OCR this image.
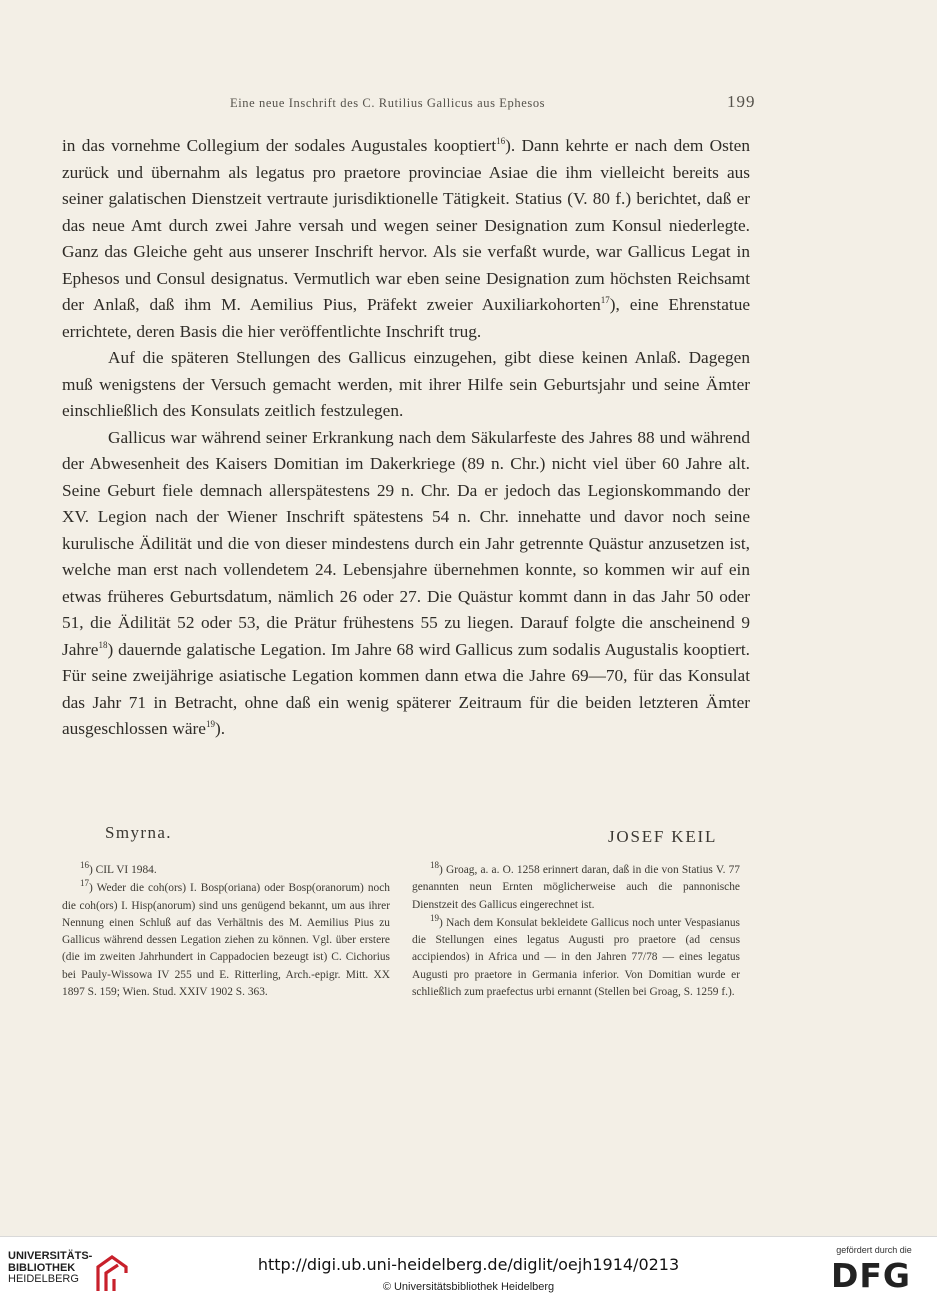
Eine neue Inschrift des C. Rutilius Gallicus aus Ephesos	199

in das vornehme Collegium der sodales Augustales kooptiert$^{16}$). Dann kehrte er nach dem Osten zurück und übernahm als legatus pro praetore provinciae Asiae die ihm vielleicht bereits aus seiner galatischen Dienstzeit vertraute jurisdiktionelle Tätigkeit. Statius (V. 80 f.) berichtet, daß er das neue Amt durch zwei Jahre versah und wegen seiner Designation zum Konsul niederlegte. Ganz das Gleiche geht aus unserer Inschrift hervor. Als sie verfaßt wurde, war Gallicus Legat in Ephesos und Consul designatus. Vermutlich war eben seine Designation zum höchsten Reichsamt der Anlaß, daß ihm M. Aemilius Pius, Präfekt zweier Auxiliarkohorten$^{17}$), eine Ehrenstatue errichtete, deren Basis die hier veröffentlichte Inschrift trug.

Auf die späteren Stellungen des Gallicus einzugehen, gibt diese keinen Anlaß. Dagegen muß wenigstens der Versuch gemacht werden, mit ihrer Hilfe sein Geburtsjahr und seine Ämter einschließlich des Konsulats zeitlich festzulegen.

Gallicus war während seiner Erkrankung nach dem Säkularfeste des Jahres 88 und während der Abwesenheit des Kaisers Domitian im Dakerkriege (89 n. Chr.) nicht viel über 60 Jahre alt. Seine Geburt fiele demnach allerspätestens 29 n. Chr. Da er jedoch das Legionskommando der XV. Legion nach der Wiener Inschrift spätestens 54 n. Chr. innehatte und davor noch seine kurulische Ädilität und die von dieser mindestens durch ein Jahr getrennte Quästur anzusetzen ist, welche man erst nach vollendetem 24. Lebensjahre übernehmen konnte, so kommen wir auf ein etwas früheres Geburtsdatum, nämlich 26 oder 27. Die Quästur kommt dann in das Jahr 50 oder 51, die Ädilität 52 oder 53, die Prätur frühestens 55 zu liegen. Darauf folgte die anscheinend 9 Jahre$^{18}$) dauernde galatische Legation. Im Jahre 68 wird Gallicus zum sodalis Augustalis kooptiert. Für seine zweijährige asiatische Legation kommen dann etwa die Jahre 69—70, für das Konsulat das Jahr 71 in Betracht, ohne daß ein wenig späterer Zeitraum für die beiden letzteren Ämter ausgeschlossen wäre$^{19}$).

Smyrna.	JOSEF KEIL

$^{16}$) CIL VI 1984.

$^{17}$) Weder die coh(ors) I. Bosp(oriana) oder Bosp(oranorum) noch die coh(ors) I. Hisp(anorum) sind uns genügend bekannt, um aus ihrer Nennung einen Schluß auf das Verhältnis des M. Aemilius Pius zu Gallicus während dessen Legation ziehen zu können. Vgl. über erstere (die im zweiten Jahrhundert in Cappadocien bezeugt ist) C. Cichorius bei Pauly-Wissowa IV 255 und E. Ritterling, Arch.-epigr. Mitt. XX 1897 S. 159; Wien. Stud. XXIV 1902 S. 363.

$^{18}$) Groag, a. a. O. 1258 erinnert daran, daß in die von Statius V. 77 genannten neun Ernten möglicherweise auch die pannonische Dienstzeit des Gallicus eingerechnet ist.

$^{19}$) Nach dem Konsulat bekleidete Gallicus noch unter Vespasianus die Stellungen eines legatus Augusti pro praetore (ad census accipiendos) in Africa und — in den Jahren 77/78 — eines legatus Augusti pro praetore in Germania inferior. Von Domitian wurde er schließlich zum praefectus urbi ernannt (Stellen bei Groag, S. 1259 f.).

UNIVERSITÄTS-
BIBLIOTHEK
HEIDELBERG
http://digi.ub.uni-heidelberg.de/diglit/oejh1914/0213
© Universitätsbibliothek Heidelberg
gefördert durch die
DFG
